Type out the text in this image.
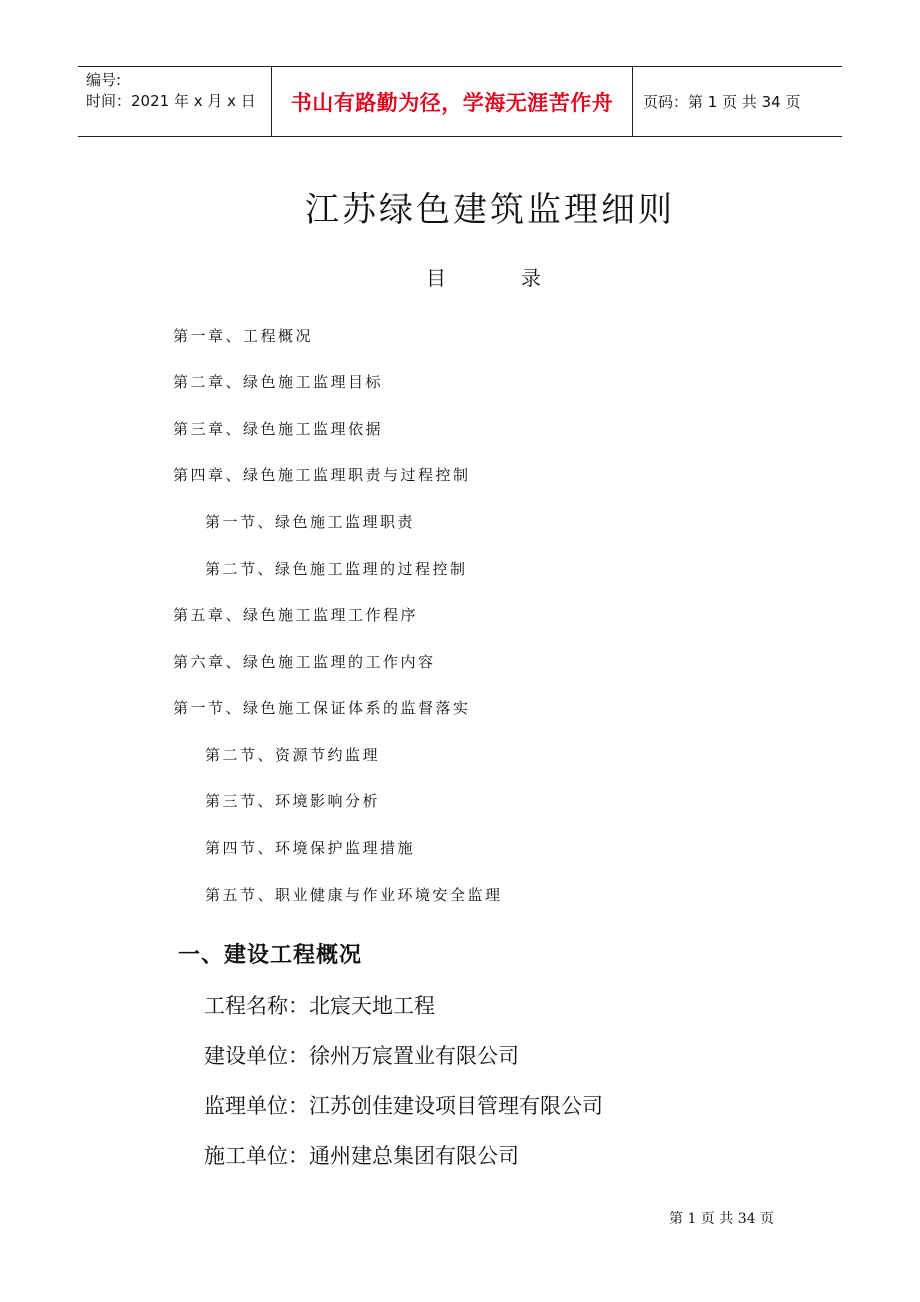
编号:
时间：2021 年 x 月 x 日 书山有路勤为径，学海无涯苦作舟 页码：第 1 页 共 34 页
江苏绿色建筑监理细则
目	录
第一章、工程概况
第二章、绿色施工监理目标
第三章、绿色施工监理依据
第四章、绿色施工监理职责与过程控制
第一节、绿色施工监理职责
第二节、绿色施工监理的过程控制
第五章、绿色施工监理工作程序
第六章、绿色施工监理的工作内容
第一节、绿色施工保证体系的监督落实
第二节、资源节约监理
第三节、环境影响分析
第四节、环境保护监理措施
第五节、职业健康与作业环境安全监理
一、建设工程概况
工程名称：北宸天地工程
建设单位：徐州万宸置业有限公司
监理单位：江苏创佳建设项目管理有限公司
施工单位：通州建总集团有限公司
第 1 页 共 34 页
